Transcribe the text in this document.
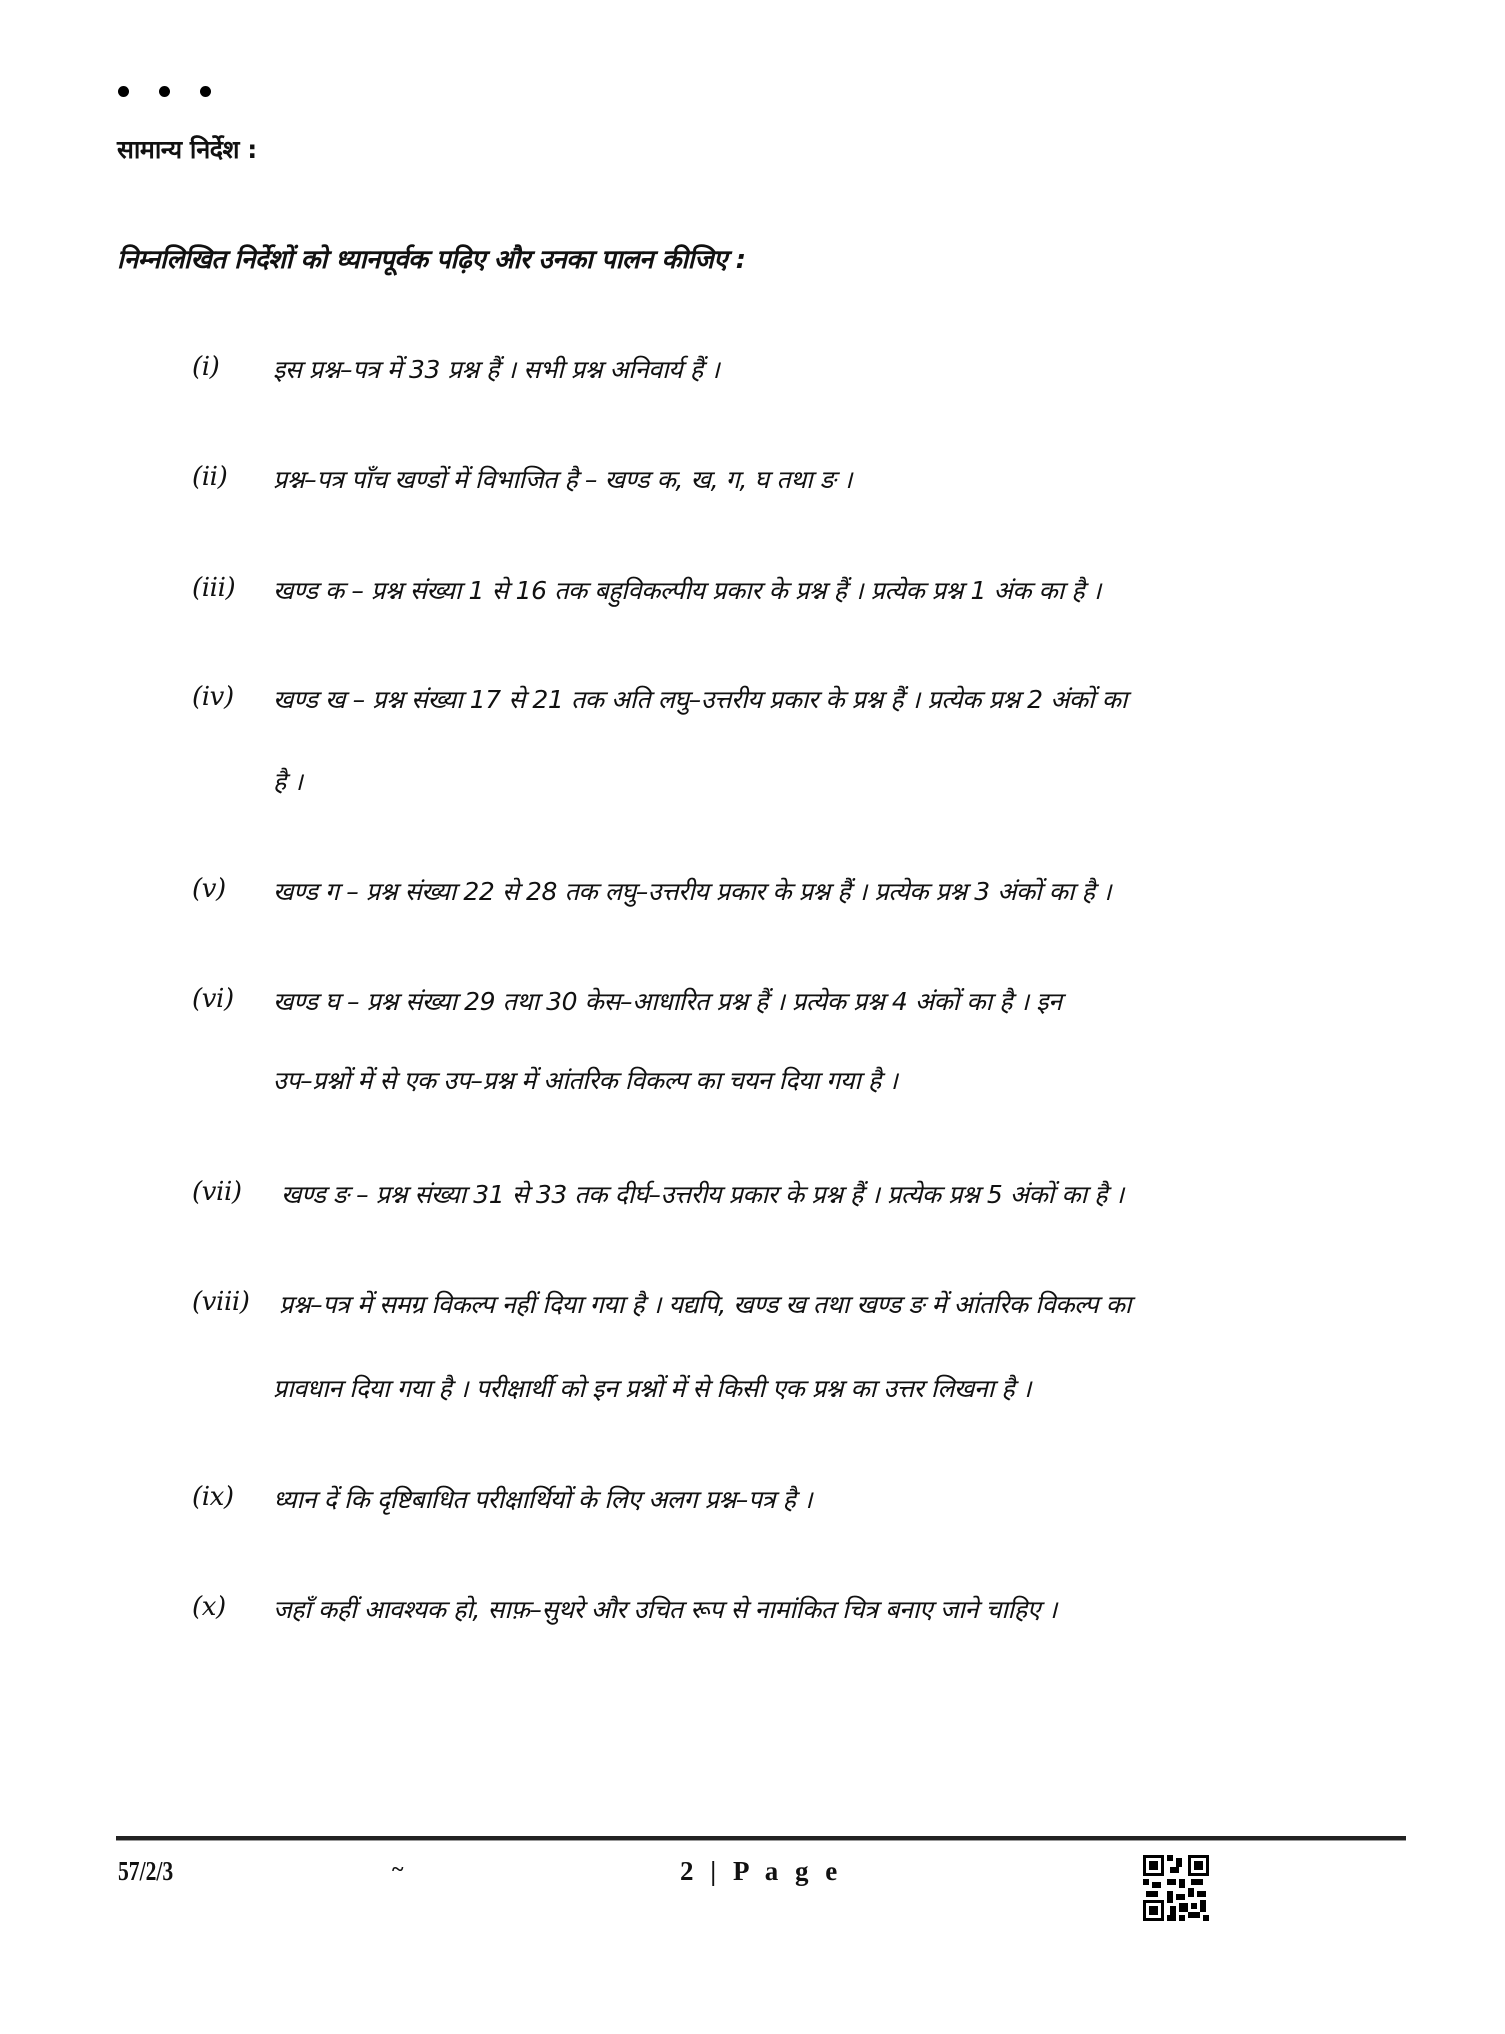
सामान्य निर्देश :
निम्नलिखित निर्देशों को ध्यानपूर्वक पढ़िए और उनका पालन कीजिए :
(i) इस प्रश्न–पत्र में 33 प्रश्न हैं । सभी प्रश्न अनिवार्य हैं ।
(ii) प्रश्न–पत्र पाँच खण्डों में विभाजित है – खण्ड क, ख, ग, घ तथा ङ ।
(iii) खण्ड क – प्रश्न संख्या 1 से 16 तक बहुविकल्पीय प्रकार के प्रश्न हैं । प्रत्येक प्रश्न 1 अंक का है ।
(iv) खण्ड ख – प्रश्न संख्या 17 से 21 तक अति लघु–उत्तरीय प्रकार के प्रश्न हैं । प्रत्येक प्रश्न 2 अंकों का
है ।
(v) खण्ड ग – प्रश्न संख्या 22 से 28 तक लघु–उत्तरीय प्रकार के प्रश्न हैं । प्रत्येक प्रश्न 3 अंकों का है ।
(vi) खण्ड घ – प्रश्न संख्या 29 तथा 30 केस–आधारित प्रश्न हैं । प्रत्येक प्रश्न 4 अंकों का है । इन
उप–प्रश्नों में से एक उप–प्रश्न में आंतरिक विकल्प का चयन दिया गया है ।
(vii) खण्ड ङ – प्रश्न संख्या 31 से 33 तक दीर्घ–उत्तरीय प्रकार के प्रश्न हैं । प्रत्येक प्रश्न 5 अंकों का है ।
(viii) प्रश्न–पत्र में समग्र विकल्प नहीं दिया गया है । यद्यपि, खण्ड ख तथा खण्ड ङ में आंतरिक विकल्प का
प्रावधान दिया गया है । परीक्षार्थी को इन प्रश्नों में से किसी एक प्रश्न का उत्तर लिखना है ।
(ix) ध्यान दें कि दृष्टिबाधित परीक्षार्थियों के लिए अलग प्रश्न–पत्र है ।
(x) जहाँ कहीं आवश्यक हो, साफ़–सुथरे और उचित रूप से नामांकित चित्र बनाए जाने चाहिए ।
57/2/3	~	2 | P a g e
